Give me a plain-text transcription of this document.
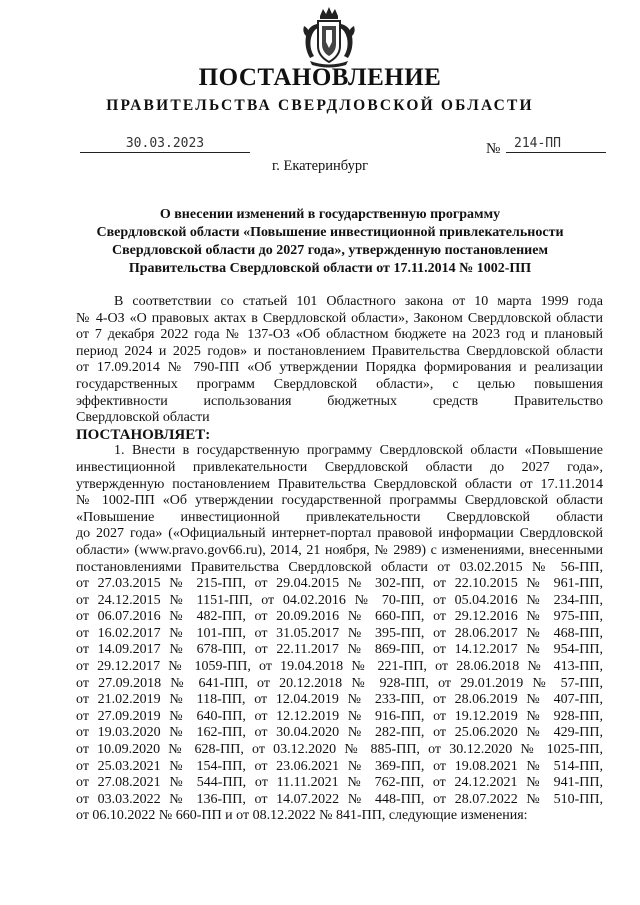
ПОСТАНОВЛЕНИЕ
ПРАВИТЕЛЬСТВА СВЕРДЛОВСКОЙ ОБЛАСТИ
30.03.2023	№	214-ПП
г. Екатеринбург
О внесении изменений в государственную программу
Свердловской области «Повышение инвестиционной привлекательности
Свердловской области до 2027 года», утвержденную постановлением
Правительства Свердловской области от 17.11.2014 № 1002-ПП
В соответствии со статьей 101 Областного закона от 10 марта 1999 года
№ 4-ОЗ «О правовых актах в Свердловской области», Законом Свердловской области
от 7 декабря 2022 года № 137-ОЗ «Об областном бюджете на 2023 год и плановый
период 2024 и 2025 годов» и постановлением Правительства Свердловской области
от 17.09.2014 № 790-ПП «Об утверждении Порядка формирования и реализации
государственных программ Свердловской области», с целью повышения
эффективности использования бюджетных средств Правительство
Свердловской области
ПОСТАНОВЛЯЕТ:
1. Внести в государственную программу Свердловской области «Повышение
инвестиционной привлекательности Свердловской области до 2027 года»,
утвержденную постановлением Правительства Свердловской области от 17.11.2014
№ 1002-ПП «Об утверждении государственной программы Свердловской области
«Повышение инвестиционной привлекательности Свердловской области
до 2027 года» («Официальный интернет-портал правовой информации Свердловской
области» (www.pravo.gov66.ru), 2014, 21 ноября, № 2989) с изменениями, внесенными
постановлениями Правительства Свердловской области от 03.02.2015 № 56-ПП,
от 27.03.2015 № 215-ПП, от 29.04.2015 № 302-ПП, от 22.10.2015 № 961-ПП,
от 24.12.2015 № 1151-ПП, от 04.02.2016 № 70-ПП, от 05.04.2016 № 234-ПП,
от 06.07.2016 № 482-ПП, от 20.09.2016 № 660-ПП, от 29.12.2016 № 975-ПП,
от 16.02.2017 № 101-ПП, от 31.05.2017 № 395-ПП, от 28.06.2017 № 468-ПП,
от 14.09.2017 № 678-ПП, от 22.11.2017 № 869-ПП, от 14.12.2017 № 954-ПП,
от 29.12.2017 № 1059-ПП, от 19.04.2018 № 221-ПП, от 28.06.2018 № 413-ПП,
от 27.09.2018 № 641-ПП, от 20.12.2018 № 928-ПП, от 29.01.2019 № 57-ПП,
от 21.02.2019 № 118-ПП, от 12.04.2019 № 233-ПП, от 28.06.2019 № 407-ПП,
от 27.09.2019 № 640-ПП, от 12.12.2019 № 916-ПП, от 19.12.2019 № 928-ПП,
от 19.03.2020 № 162-ПП, от 30.04.2020 № 282-ПП, от 25.06.2020 № 429-ПП,
от 10.09.2020 № 628-ПП, от 03.12.2020 № 885-ПП, от 30.12.2020 № 1025-ПП,
от 25.03.2021 № 154-ПП, от 23.06.2021 № 369-ПП, от 19.08.2021 № 514-ПП,
от 27.08.2021 № 544-ПП, от 11.11.2021 № 762-ПП, от 24.12.2021 № 941-ПП,
от 03.03.2022 № 136-ПП, от 14.07.2022 № 448-ПП, от 28.07.2022 № 510-ПП,
от 06.10.2022 № 660-ПП и от 08.12.2022 № 841-ПП, следующие изменения:
